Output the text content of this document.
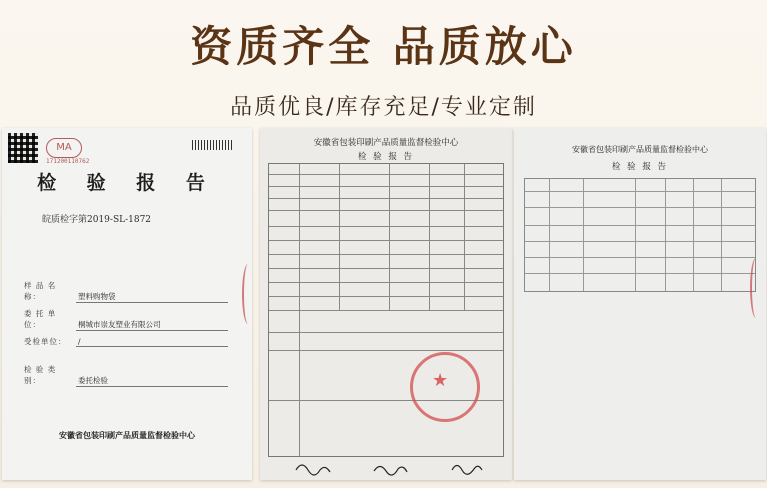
资质齐全 品质放心
品质优良/库存充足/专业定制
MA
171200110762
检 验 报 告
皖质检字第2019-SL-1872
样 品 名 称：	塑料购物袋
委 托 单 位：	桐城市崇友塑业有限公司
受检单位： /
检 验 类 别：	委托检验
安徽省包装印刷产品质量监督检验中心
安徽省包装印刷产品质量监督检验中心
检 验 报 告
★
安徽省包装印刷产品质量监督检验中心
检 验 报 告
